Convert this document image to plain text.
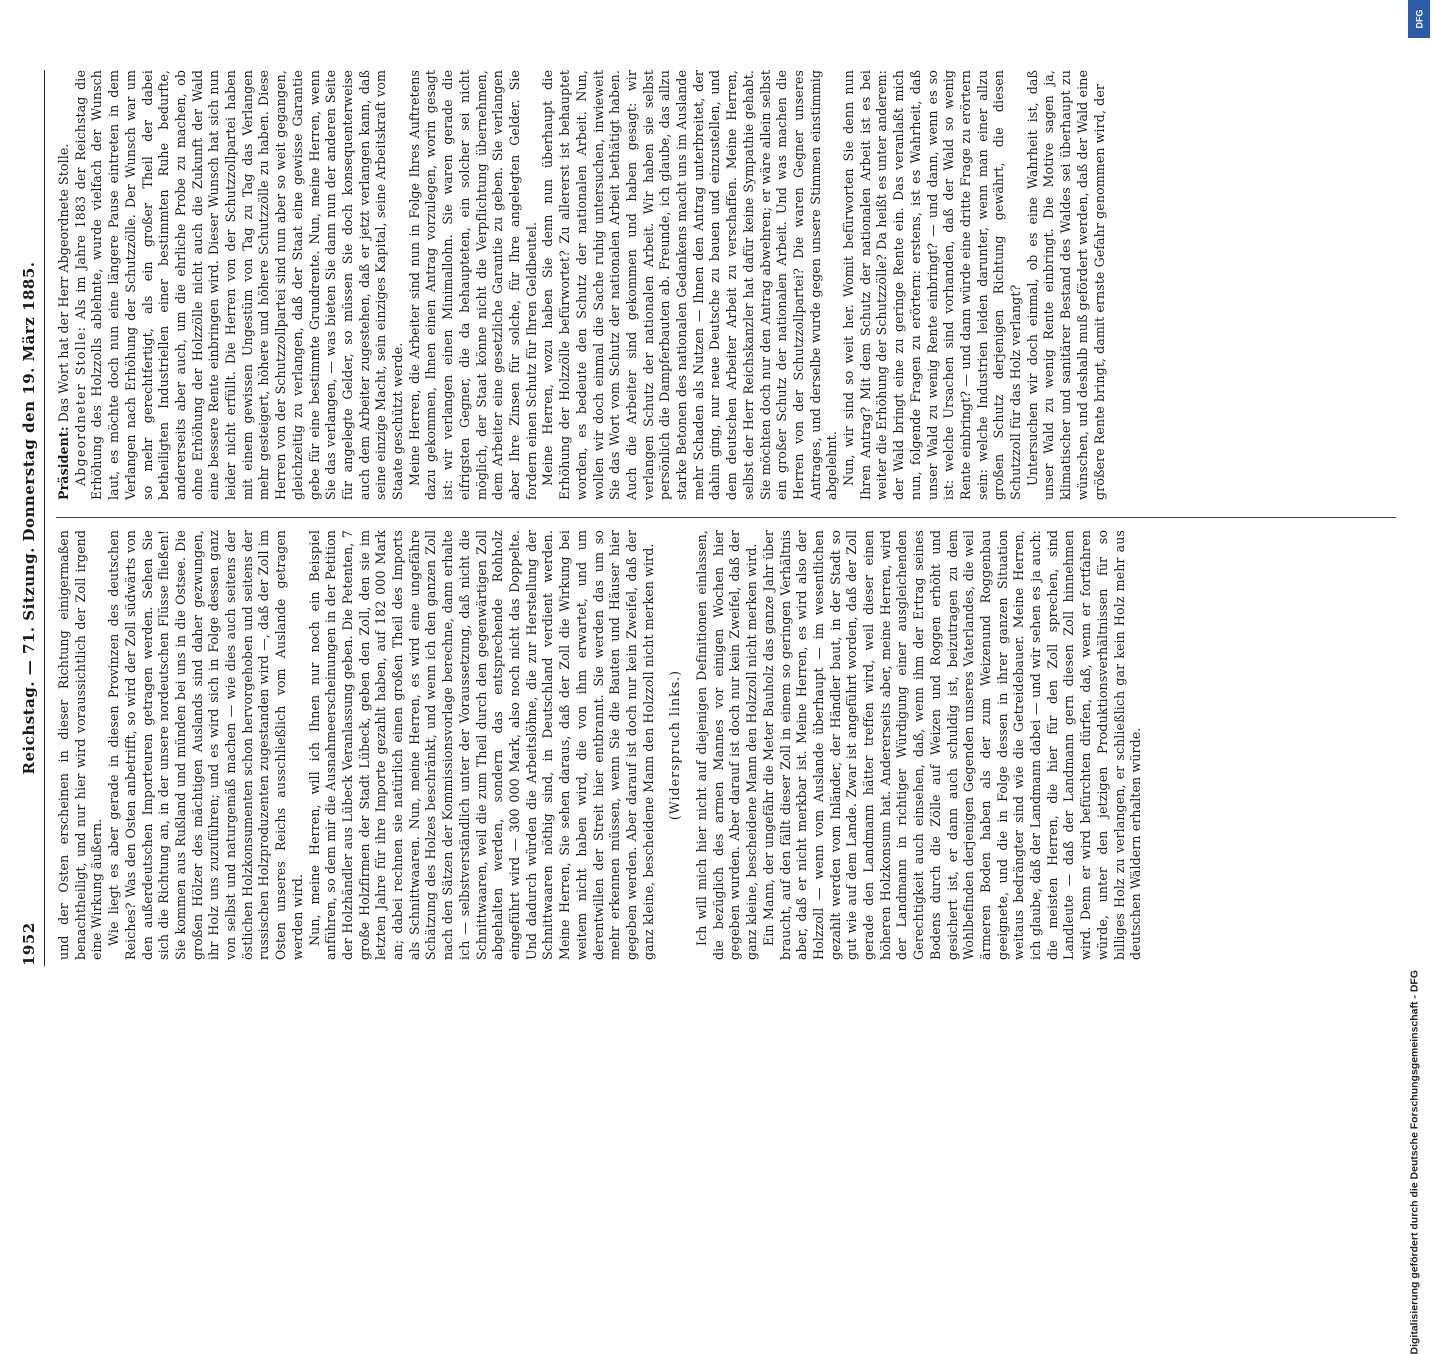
1952
Reichstag. — 71. Sitzung. Donnerstag den 19. März 1885. und der Osten erscheinen in dieser Richtung einigermaßen benachtheiligt, und nur hier wird voraussichtlich der Zoll irgend eine Wirkung äußern. Wie liegt es aber gerade in diesen Provinzen des deutschen Reiches? Was den Osten anbetrifft, so wird der Zoll südwärts von den außerdeutschen Importeuren getragen werden. Sehen Sie sich die Richtung an, in der unsere nordeutschen Flüsse fließen! Sie kommen aus Rußland und münden bei uns in die Ostsee. Die großen Hölzer des mächtigen Auslands sind daher gezwungen, ihr Holz uns zuzuführen; und es wird sich in Folge dessen ganz von selbst und naturgemäß machen — wie dies auch seitens der östlichen Holzkonsumenten schon hervorgehoben und seitens der russischen Holzproduzenten zugestanden wird —, daß der Zoll im Osten unseres Reichs ausschließlich vom Auslande getragen werden wird. Nun, meine Herren, will ich Ihnen nur noch ein Beispiel anführen, so dem mir die Ausnahmeerscheinungen in der Petition der Holzhändler aus Lübeck Veranlassung geben. Die Petenten, 7 große Holzfirmen der Stadt Lübeck, geben den Zoll, den sie im letzten Jahre für ihre Importe gezahlt haben, auf 182 000 Mark an; dabei rechnen sie natürlich einen großen Theil des Imports als Schnittwaaren. Nun, meine Herren, es wird eine ungefähre Schätzung des Holzes beschränkt, und wenn ich den ganzen Zoll nach den Sätzen der Kommissionsvorlage berechne, dann erhalte ich — selbstverständlich unter der Voraussetzung, daß nicht die Schnittwaaren, weil die zum Theil durch den gegenwärtigen Zoll abgehalten werden, sondern das entsprechende Rohholz eingeführt wird — 300 000 Mark, also noch nicht das Doppelte. Und dadurch würden die Arbeitslöhne, die zur Herstellung der Schnittwaaren nöthig sind, in Deutschland verdient werden. Meine Herren, Sie sehen daraus, daß der Zoll die Wirkung bei weitem nicht haben wird, die von ihm erwartet, und um derentwillen der Streit hier entbrannt. Sie werden das um so mehr erkennen müssen, wenn Sie die Bauten und Häuser hier gegeben werden. Aber darauf ist doch nur kein Zweifel, daß der ganz kleine, bescheidene Mann den Holzzoll nicht merken wird. (Widerspruch links.) Ich will mich hier nicht auf diejenigen Definitionen einlassen, die bezüglich des armen Mannes vor einigen Wochen hier gegeben wurden. Aber darauf ist doch nur kein Zweifel, daß der ganz kleine, bescheidene Mann den Holzzoll nicht merken wird. Ein Mann, der ungefähr die Meter Bauholz das ganze Jahr über braucht, auf den fällt dieser Zoll in einem so geringen Verhältnis aber, daß er nicht merkbar ist. Meine Herren, es wird also der Holzzoll — wenn vom Auslande überhaupt — im wesentlichen gezahlt werden vom Inländer, der Händler baut, in der Stadt so gut wie auf dem Lande. Zwar ist angeführt worden, daß der Zoll gerade den Landmann hätter treffen wird, weil dieser einen höheren Holzkonsum hat. Andererseits aber, meine Herren, wird der Landmann in richtiger Würdigung einer ausgleichenden Gerechtigkeit auch einsehen, daß, wenn ihm der Ertrag seines Bodens durch die Zölle auf Weizen und Roggen erhöht und gesichert ist, er dann auch schuldig ist, beizutragen zu dem Wohlbefinden derjenigen Gegenden unseres Vaterlandes, die weil ärmeren Boden haben als der zum Weizenund Roggenbau geeignete, und die in Folge dessen in ihrer ganzen Situation weitaus bedrängter sind wie die Getreidebauer. Meine Herren, ich glaube, daß der Landmann dabei — und wir sehen es ja auch: die meisten Herren, die hier für den Zoll sprechen, sind Landleute — daß der Landmann gern diesen Zoll hinnehmen wird. Denn er wird befürchten dürfen, daß, wenn er fortfahren würde, unter den jetzigen Produktionsverhältnissen für so billiges Holz zu verlangen, er schließlich gar kein Holz mehr aus deutschen Wäldern erhalten würde.

Präsident: Das Wort hat der Herr Abgeordnete Stolle. Abgeordneter Stolle: Als im Jahre 1883 der Reichstag die Erhöhung des Holzzolls ablehnte, wurde vielfach der Wunsch laut, es möchte doch nun eine längere Pause eintreten in dem Verlangen nach Erhöhung der Schutzzölle. Der Wunsch war um so mehr gerechtfertigt, als ein großer Theil der dabei betheiligten Industriellen einer bestimmten Ruhe bedurfte, andererseits aber auch, um die ehrliche Probe zu machen, ob ohne Erhöhung der Holzzölle nicht auch die Zukunft der Wald eine bessere Rente einbringen wird. Dieser Wunsch hat sich nun leider nicht erfüllt. Die Herren von der Schutzzollpartei haben mit einem gewissen Ungestüm von Tag zu Tag das Verlangen mehr gesteigert, höhere und höhere Schutzzölle zu haben. Diese Herren von der Schutzzollpartei sind nun aber so weit gegangen, gleichzeitig zu verlangen, daß der Staat eine gewisse Garantie gebe für eine bestimmte Grundrente. Nun, meine Herren, wenn Sie das verlangen, — was bieten Sie dann nun der anderen Seite für angelegte Gelder, so müssen Sie doch konsequenterweise auch dem Arbeiter zugestehen, daß er jetzt verlangen kann, daß seine einzige Macht, sein einziges Kapital, seine Arbeitskraft vom Staate geschützt werde. Meine Herren, die Arbeiter sind nun in Folge Ihres Auftretens dazu gekommen, Ihnen einen Antrag vorzulegen, worin gesagt ist: wir verlangen einen Minimallohn. Sie waren gerade die eifrigsten Gegner, die da behaupteten, ein solcher sei nicht möglich, der Staat könne nicht die Verpflichtung übernehmen, dem Arbeiter eine gesetzliche Garantie zu geben. Sie verlangen aber Ihre Zinsen für solche, für Ihre angelegten Gelder. Sie fordern einen Schutz für Ihren Geldbeutel. Meine Herren, wozu haben Sie denn nun überhaupt die Erhöhung der Holzzölle befürwortet? Zu allererst ist behauptet worden, es bedeute den Schutz der nationalen Arbeit. Nun, wollen wir doch einmal die Sache ruhig untersuchen, inwieweit Sie das Wort vom Schutz der nationalen Arbeit bethätigt haben. Auch die Arbeiter sind gekommen und haben gesagt: wir verlangen Schutz der nationalen Arbeit. Wir haben sie selbst persönlich die Dampferbauten ab. Freunde, ich glaube, das allzu starke Betonen des nationalen Gedankens macht uns im Auslande mehr Schaden als Nutzen — Ihnen den Antrag unterbreitet, der dahin ging, nur neue Deutsche zu bauen und einzustellen, und dem deutschen Arbeiter Arbeit zu verschaffen. Meine Herren, selbst der Herr Reichskanzler hat dafür keine Sympathie gehabt. Sie möchten doch nur den Antrag abwehren; er wäre allein selbst ein großer Schutz der nationalen Arbeit. Und was machen die Herren von der Schutzzollpartei? Die waren Gegner unseres Antrages, und derselbe wurde gegen unsere Stimmen einstimmig abgelehnt. Nun, wir sind so weit her. Womit befürworten Sie denn nun Ihren Antrag? Mit dem Schutz der nationalen Arbeit ist es bei weiter die Erhöhung der Schutzzölle? Da heißt es unter anderem: der Wald bringt eine zu geringe Rente ein. Das veranlaßt mich nun, folgende Fragen zu erörtern: erstens, ist es Wahrheit, daß unser Wald zu wenig Rente einbringt? — und dann, wenn es so ist: welche Ursachen sind vorhanden, daß der Wald so wenig Rente einbringt? — und dann würde eine dritte Frage zu erörtern sein: welche Industrien leiden darunter, wenn man einer allzu großen Schutz derjenigen Richtung gewährt, die diesen Schutzzoll für das Holz verlangt? Untersuchen wir doch einmal, ob es eine Wahrheit ist, daß unser Wald zu wenig Rente einbringt. Die Motive sagen ja, klimatischer und sanitärer Bestand des Waldes sei überhaupt zu wünschen, und deshalb muß gefördert werden, daß der Wald eine größere Rente bringt, damit ernste Gefahr genommen wird, der

DFG
Digitalisierung gefördert durch die Deutsche Forschungsgemeinschaft - DFG
